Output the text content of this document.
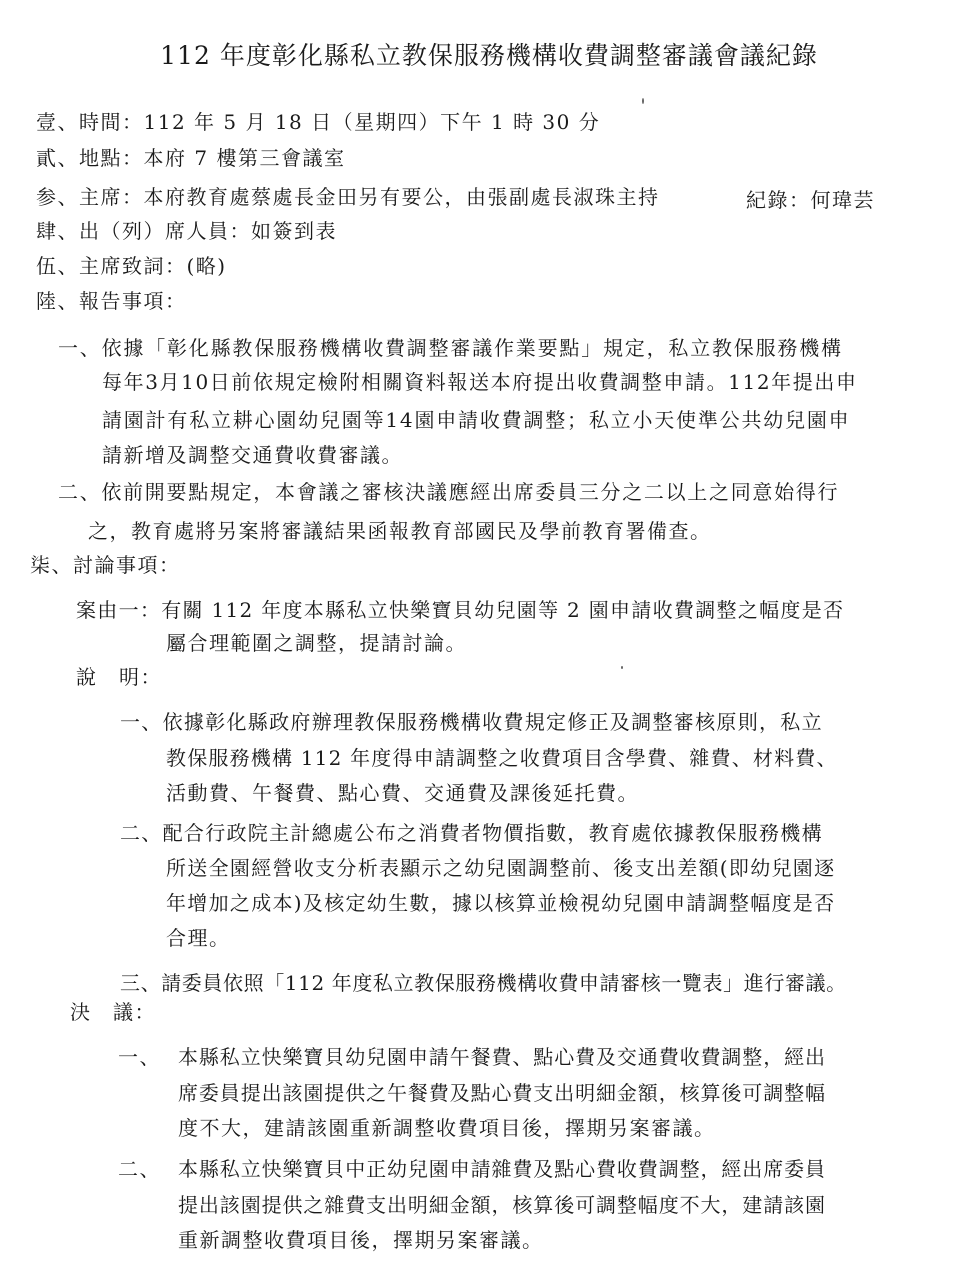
112 年度彰化縣私立教保服務機構收費調整審議會議紀錄
壹、時間：112 年 5 月 18 日（星期四）下午 1 時 30 分
貳、地點：本府 7 樓第三會議室
参、主席：本府教育處蔡處長金田另有要公，由張副處長淑珠主持	紀錄：何瑋芸
肆、出（列）席人員：如簽到表
伍、主席致詞：(略)
陸、報告事項：
一、依據「彰化縣教保服務機構收費調整審議作業要點」規定，私立教保服務機構
每年3月10日前依規定檢附相關資料報送本府提出收費調整申請。112年提出申
請園計有私立耕心園幼兒園等14園申請收費調整；私立小天使準公共幼兒園申
請新增及調整交通費收費審議。
二、依前開要點規定，本會議之審核決議應經出席委員三分之二以上之同意始得行
之，教育處將另案將審議結果函報教育部國民及學前教育署備查。
柒、討論事項：
案由一：有關 112 年度本縣私立快樂寶貝幼兒園等 2 園申請收費調整之幅度是否
屬合理範圍之調整，提請討論。
說　明：
一、依據彰化縣政府辦理教保服務機構收費規定修正及調整審核原則，私立
教保服務機構 112 年度得申請調整之收費項目含學費、雜費、材料費、
活動費、午餐費、點心費、交通費及課後延托費。
二、配合行政院主計總處公布之消費者物價指數，教育處依據教保服務機構
所送全園經營收支分析表顯示之幼兒園調整前、後支出差額(即幼兒園逐
年增加之成本)及核定幼生數，據以核算並檢視幼兒園申請調整幅度是否
合理。
三、請委員依照「112 年度私立教保服務機構收費申請審核一覽表」進行審議。
決　議：
一、 本縣私立快樂寶貝幼兒園申請午餐費、點心費及交通費收費調整，經出
席委員提出該園提供之午餐費及點心費支出明細金額，核算後可調整幅
度不大，建請該園重新調整收費項目後，擇期另案審議。
二、 本縣私立快樂寶貝中正幼兒園申請雜費及點心費收費調整，經出席委員
提出該園提供之雜費支出明細金額，核算後可調整幅度不大，建請該園
重新調整收費項目後，擇期另案審議。
